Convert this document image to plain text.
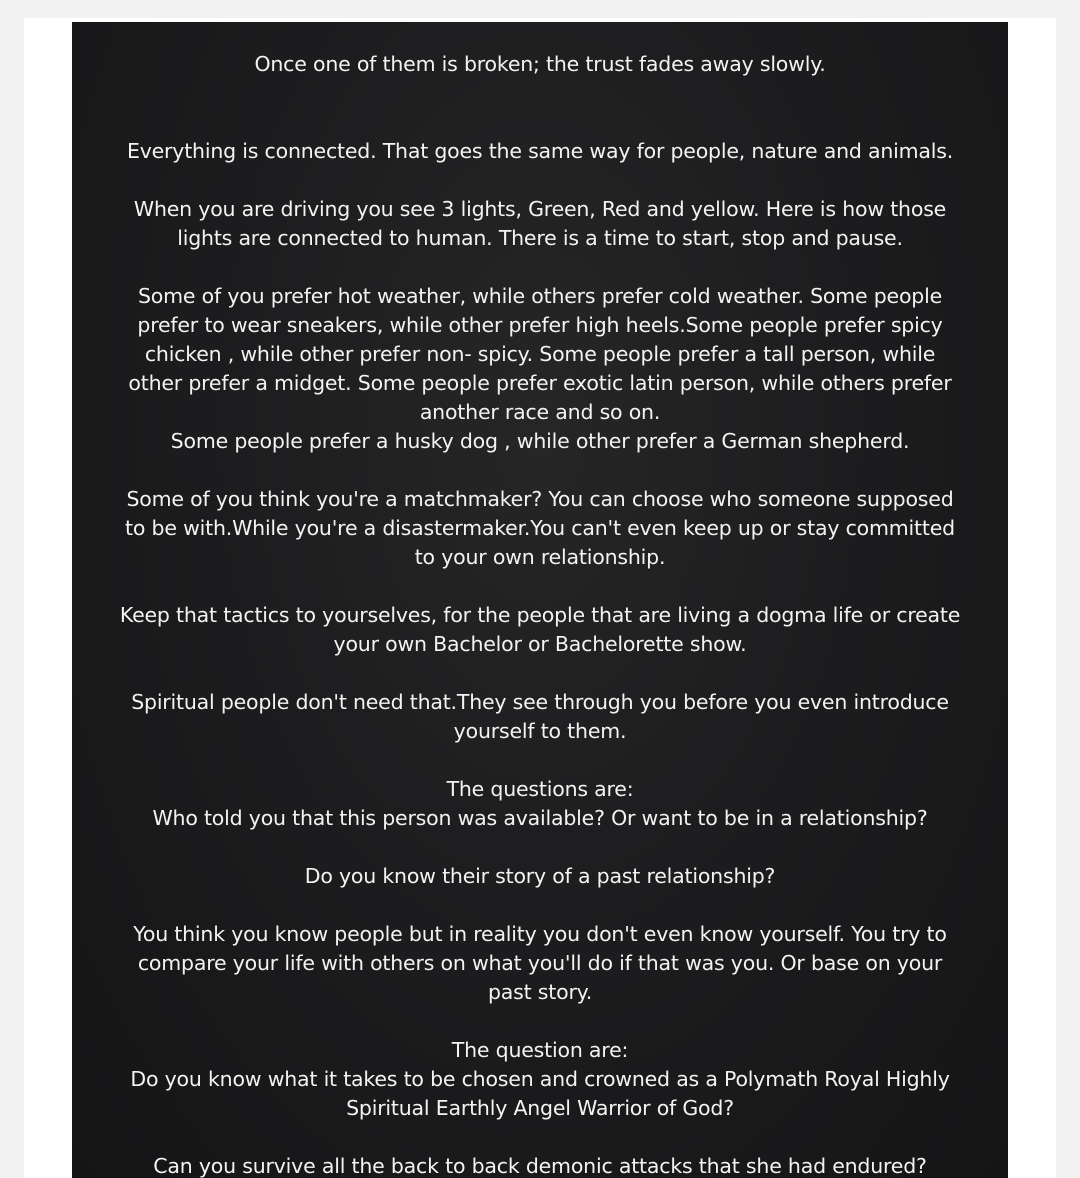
Once one of them is broken; the trust fades away slowly.

Everything is connected. That goes the same way for people, nature and animals.

When you are driving you see 3 lights, Green, Red and yellow. Here is how those lights are connected to human. There is a time to start, stop and pause.

Some of you prefer hot weather, while others prefer cold weather. Some people prefer to wear sneakers, while other prefer high heels.Some people prefer spicy chicken , while other prefer non- spicy. Some people prefer a tall person, while other prefer a midget. Some people prefer exotic latin person, while others prefer another race and so on.

Some people prefer a husky dog , while other prefer a German shepherd.

Some of you think you're a matchmaker? You can choose who someone supposed to be with.While you're a disastermaker.You can't even keep up or stay committed to your own relationship.

Keep that tactics to yourselves, for the people that are living a dogma life or create your own Bachelor or Bachelorette show.

Spiritual people don't need that.They see through you before you even introduce yourself to them.

The questions are:

Who told you that this person was available? Or want to be in a relationship?

Do you know their story of a past relationship?

You think you know people but in reality you don't even know yourself. You try to compare your life with others on what you'll do if that was you. Or base on your past story.

The question are:

Do you know what it takes to be chosen and crowned as a Polymath Royal Highly Spiritual Earthly Angel Warrior of God?

Can you survive all the back to back demonic attacks that she had endured?
